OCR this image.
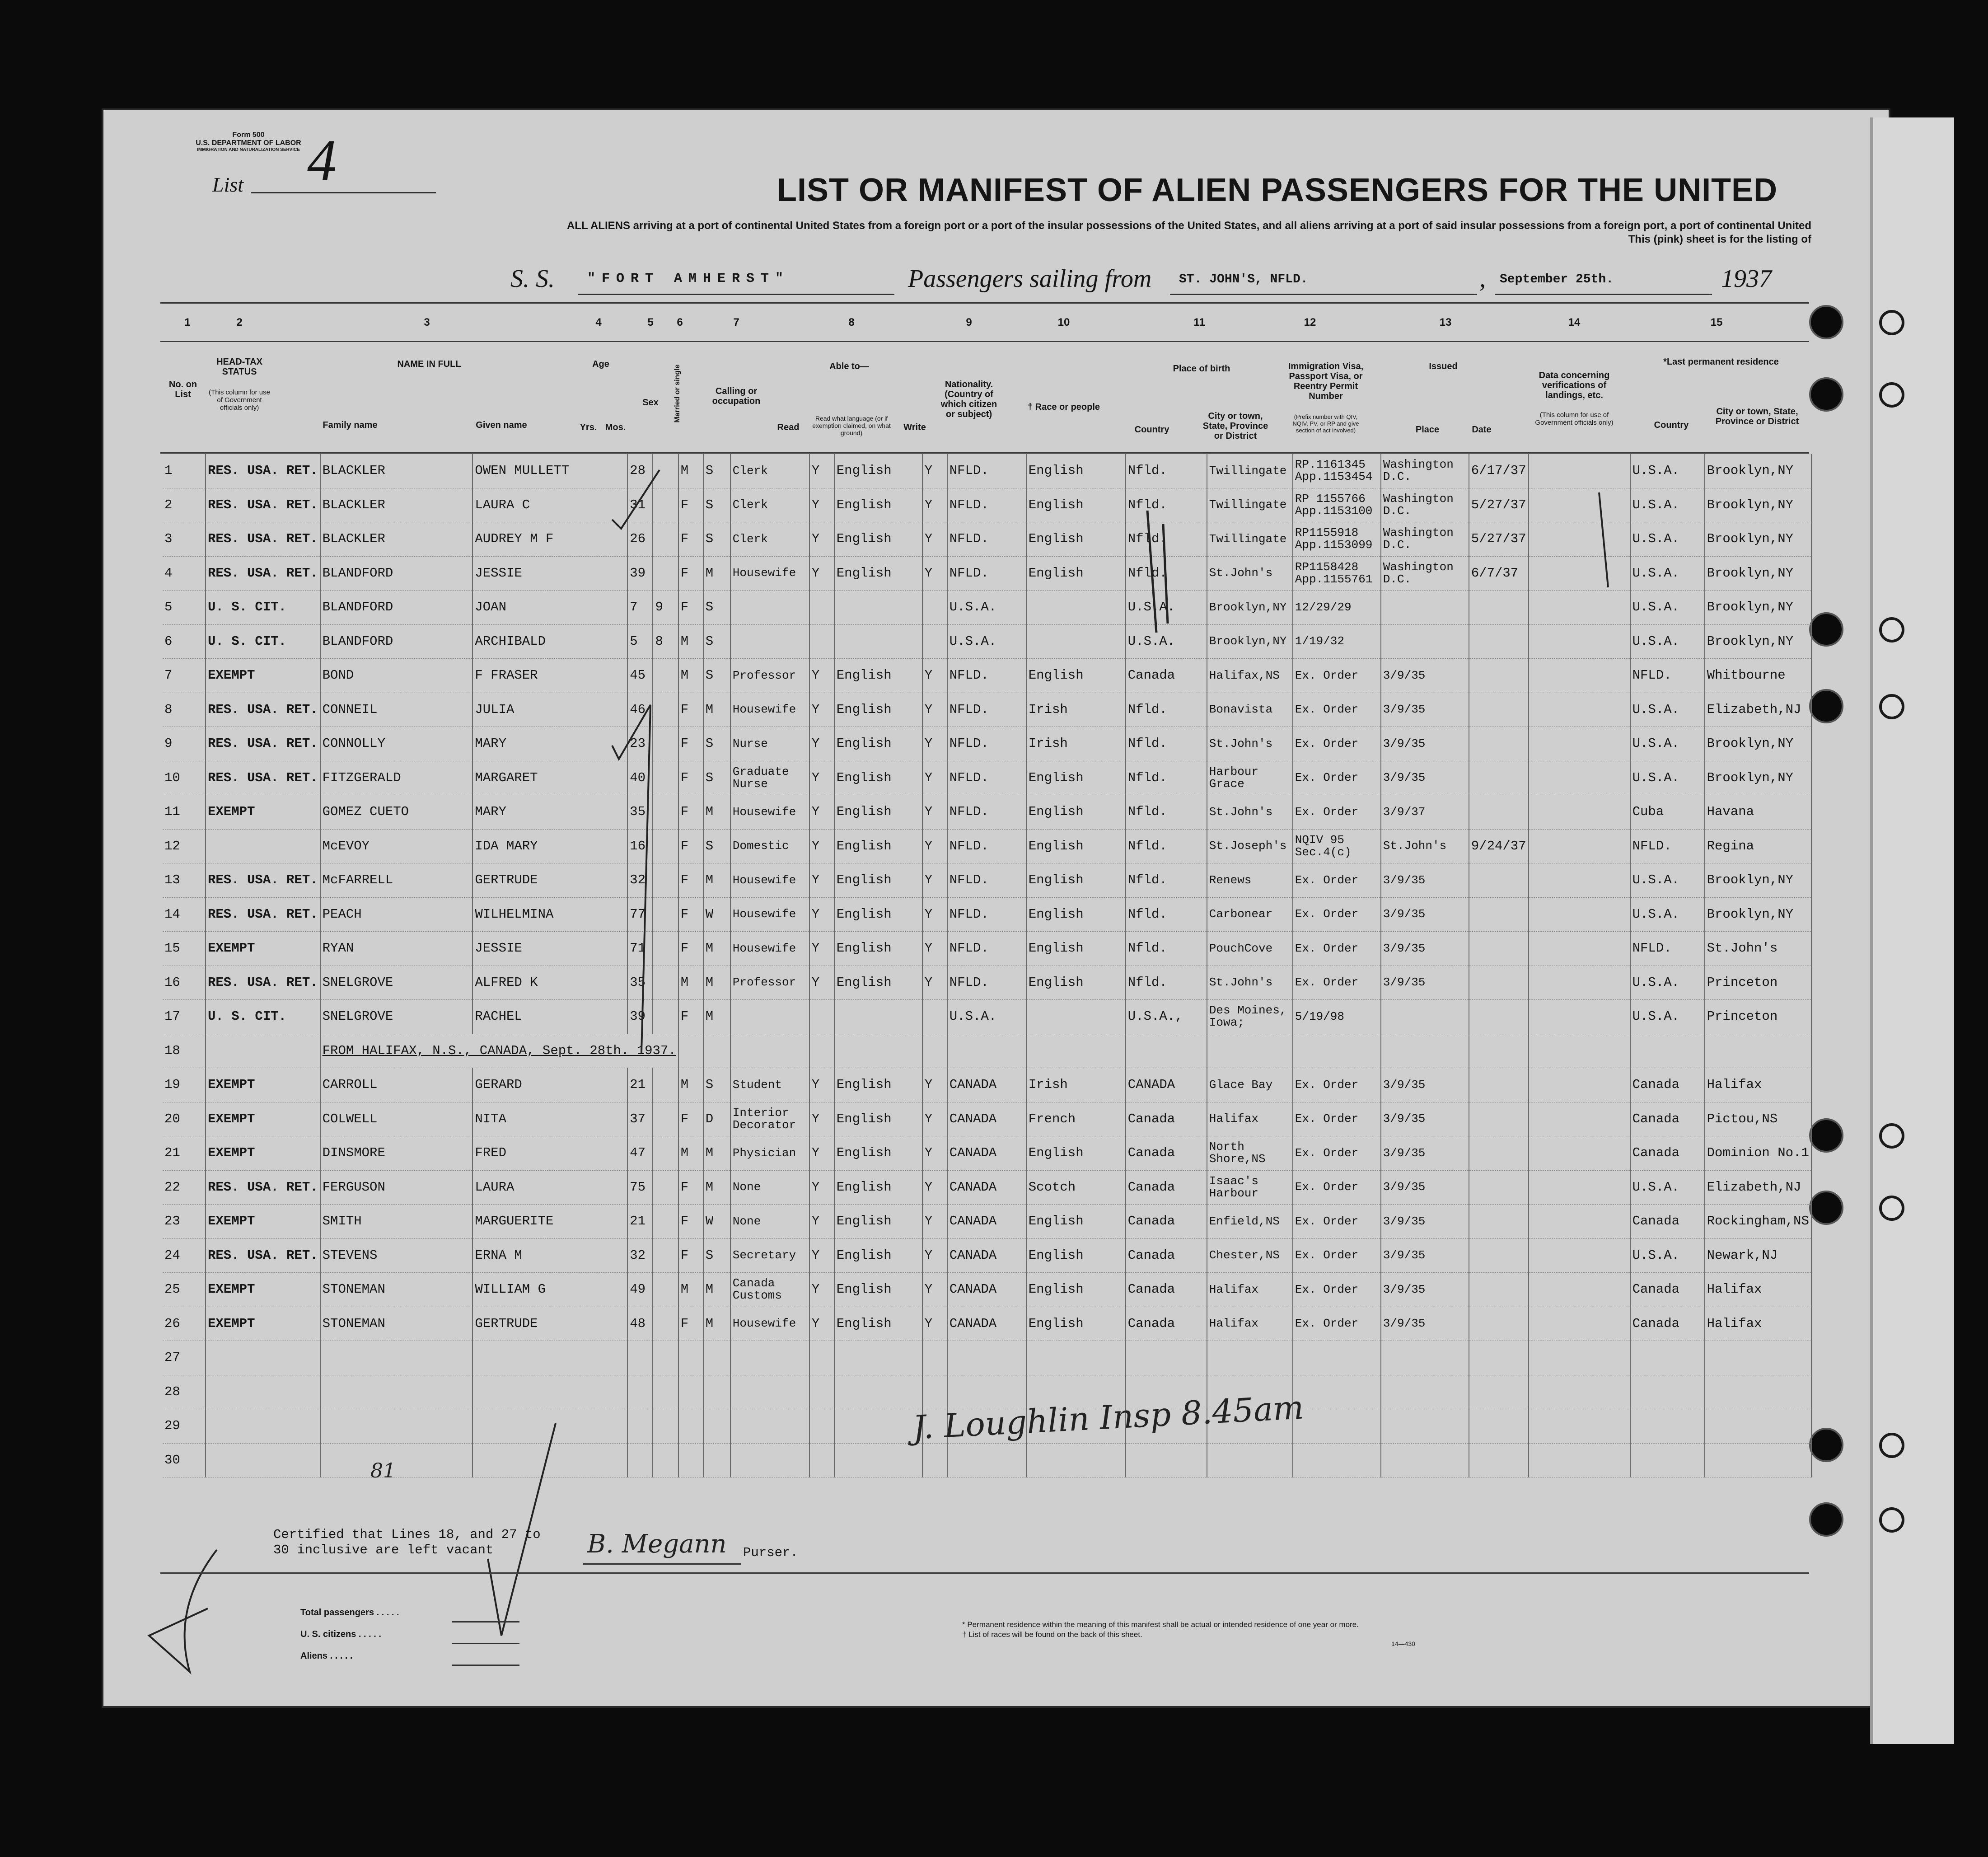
Form 500
U.S. DEPARTMENT OF LABOR
IMMIGRATION AND NATURALIZATION SERVICE
List 4	LIST OR MANIFEST OF ALIEN PASSENGERS FOR THE UNITED
ALL ALIENS arriving at a port of continental United States from a foreign port or a port of the insular possessions of the United States, and all aliens arriving at a port of said insular possessions from a foreign port, a port of continental United
This (pink) sheet is for the listing of
S. S. "FORT AMHERST"	Passengers sailing from ST. JOHN'S, NFLD.	, September 25th.	1937
1	2	3	4	5	6	7	8	9	10	11	12	13	14	15
No. on List
HEAD-TAX STATUS
(This column for use of Government officials only)
NAME IN FULL
Family name	Given name
Age
Yrs. Mos.
Sex	Married or single	Calling or occupation
Able to—
Read
Read what language (or if exemption claimed, on what ground)
Write
Nationality. (Country of which citizen or subject)
† Race or people
Place of birth
Country
City or town, State, Province or District
Immigration Visa, Passport Visa, or Reentry Permit Number
(Prefix number with QIV, NQIV, PV, or RP and give section of act involved)
Issued
Place	Date
Data concerning verifications of landings, etc.
(This column for use of Government officials only)
*Last permanent residence
Country
City or town, State, Province or District
1	RES. USA. RET.	BLACKLER	OWEN MULLETT	28		M	S	Clerk	Y	English	Y	NFLD.	English	Nfld.	Twillingate	RP.1161345 App.1153454	Washington D.C.	6/17/37		U.S.A.	Brooklyn,NY
2	RES. USA. RET.	BLACKLER	LAURA C	31		F	S	Clerk	Y	English	Y	NFLD.	English	Nfld.	Twillingate	RP 1155766 App.1153100	Washington D.C.	5/27/37		U.S.A.	Brooklyn,NY
3	RES. USA. RET.	BLACKLER	AUDREY M F	26		F	S	Clerk	Y	English	Y	NFLD.	English	Nfld.	Twillingate	RP1155918 App.1153099	Washington D.C.	5/27/37		U.S.A.	Brooklyn,NY
4	RES. USA. RET.	BLANDFORD	JESSIE	39		F	M	Housewife	Y	English	Y	NFLD.	English	Nfld.	St.John's	RP1158428 App.1155761	Washington D.C.	6/7/37		U.S.A.	Brooklyn,NY
5	U. S. CIT.	BLANDFORD	JOAN	7	9	F	S					U.S.A.		U.S.A.	Brooklyn,NY	12/29/29				U.S.A.	Brooklyn,NY
6	U. S. CIT.	BLANDFORD	ARCHIBALD	5	8	M	S					U.S.A.		U.S.A.	Brooklyn,NY	1/19/32				U.S.A.	Brooklyn,NY
7	EXEMPT	BOND	F FRASER	45		M	S	Professor	Y	English	Y	NFLD.	English	Canada	Halifax,NS	Ex. Order	3/9/35			NFLD.	Whitbourne
8	RES. USA. RET.	CONNEIL	JULIA	46		F	M	Housewife	Y	English	Y	NFLD.	Irish	Nfld.	Bonavista	Ex. Order	3/9/35			U.S.A.	Elizabeth,NJ
9	RES. USA. RET.	CONNOLLY	MARY	23		F	S	Nurse	Y	English	Y	NFLD.	Irish	Nfld.	St.John's	Ex. Order	3/9/35			U.S.A.	Brooklyn,NY
10	RES. USA. RET.	FITZGERALD	MARGARET	40		F	S	Graduate Nurse	Y	English	Y	NFLD.	English	Nfld.	Harbour Grace	Ex. Order	3/9/35			U.S.A.	Brooklyn,NY
11	EXEMPT	GOMEZ CUETO	MARY	35		F	M	Housewife	Y	English	Y	NFLD.	English	Nfld.	St.John's	Ex. Order	3/9/37			Cuba	Havana
12		McEVOY	IDA MARY	16		F	S	Domestic	Y	English	Y	NFLD.	English	Nfld.	St.Joseph's	NQIV 95 Sec.4(c)	St.John's	9/24/37		NFLD.	Regina
13	RES. USA. RET.	McFARRELL	GERTRUDE	32		F	M	Housewife	Y	English	Y	NFLD.	English	Nfld.	Renews	Ex. Order	3/9/35			U.S.A.	Brooklyn,NY
14	RES. USA. RET.	PEACH	WILHELMINA	77		F	W	Housewife	Y	English	Y	NFLD.	English	Nfld.	Carbonear	Ex. Order	3/9/35			U.S.A.	Brooklyn,NY
15	EXEMPT	RYAN	JESSIE	71		F	M	Housewife	Y	English	Y	NFLD.	English	Nfld.	PouchCove	Ex. Order	3/9/35			NFLD.	St.John's
16	RES. USA. RET.	SNELGROVE	ALFRED K	35		M	M	Professor	Y	English	Y	NFLD.	English	Nfld.	St.John's	Ex. Order	3/9/35			U.S.A.	Princeton
17	U. S. CIT.	SNELGROVE	RACHEL	39		F	M					U.S.A.		U.S.A.,	Des Moines, Iowa;	5/19/98				U.S.A.	Princeton
18		FROM HALIFAX, N.S., CANADA, Sept. 28th. 1937.																			
19	EXEMPT	CARROLL	GERARD	21		M	S	Student	Y	English	Y	CANADA	Irish	CANADA	Glace Bay	Ex. Order	3/9/35			Canada	Halifax
20	EXEMPT	COLWELL	NITA	37		F	D	Interior Decorator	Y	English	Y	CANADA	French	Canada	Halifax	Ex. Order	3/9/35			Canada	Pictou,NS
21	EXEMPT	DINSMORE	FRED	47		M	M	Physician	Y	English	Y	CANADA	English	Canada	North Shore,NS	Ex. Order	3/9/35			Canada	Dominion No.1
22	RES. USA. RET.	FERGUSON	LAURA	75		F	M	None	Y	English	Y	CANADA	Scotch	Canada	Isaac's Harbour	Ex. Order	3/9/35			U.S.A.	Elizabeth,NJ
23	EXEMPT	SMITH	MARGUERITE	21		F	W	None	Y	English	Y	CANADA	English	Canada	Enfield,NS	Ex. Order	3/9/35			Canada	Rockingham,NS
24	RES. USA. RET.	STEVENS	ERNA M	32		F	S	Secretary	Y	English	Y	CANADA	English	Canada	Chester,NS	Ex. Order	3/9/35			U.S.A.	Newark,NJ
25	EXEMPT	STONEMAN	WILLIAM G	49		M	M	Canada Customs	Y	English	Y	CANADA	English	Canada	Halifax	Ex. Order	3/9/35			Canada	Halifax
26	EXEMPT	STONEMAN	GERTRUDE	48		F	M	Housewife	Y	English	Y	CANADA	English	Canada	Halifax	Ex. Order	3/9/35			Canada	Halifax
27																					
28																					
29																					
30																						81
J. Loughlin Insp 8.45am
4
Certified that Lines 18, and 27 to
30 inclusive are left vacant	B. Megann Purser.
Total passengers . . . . .
U. S. citizens . . . . .
Aliens . . . . .
* Permanent residence within the meaning of this manifest shall be actual or intended residence of one year or more.
† List of races will be found on the back of this sheet.
14—430
